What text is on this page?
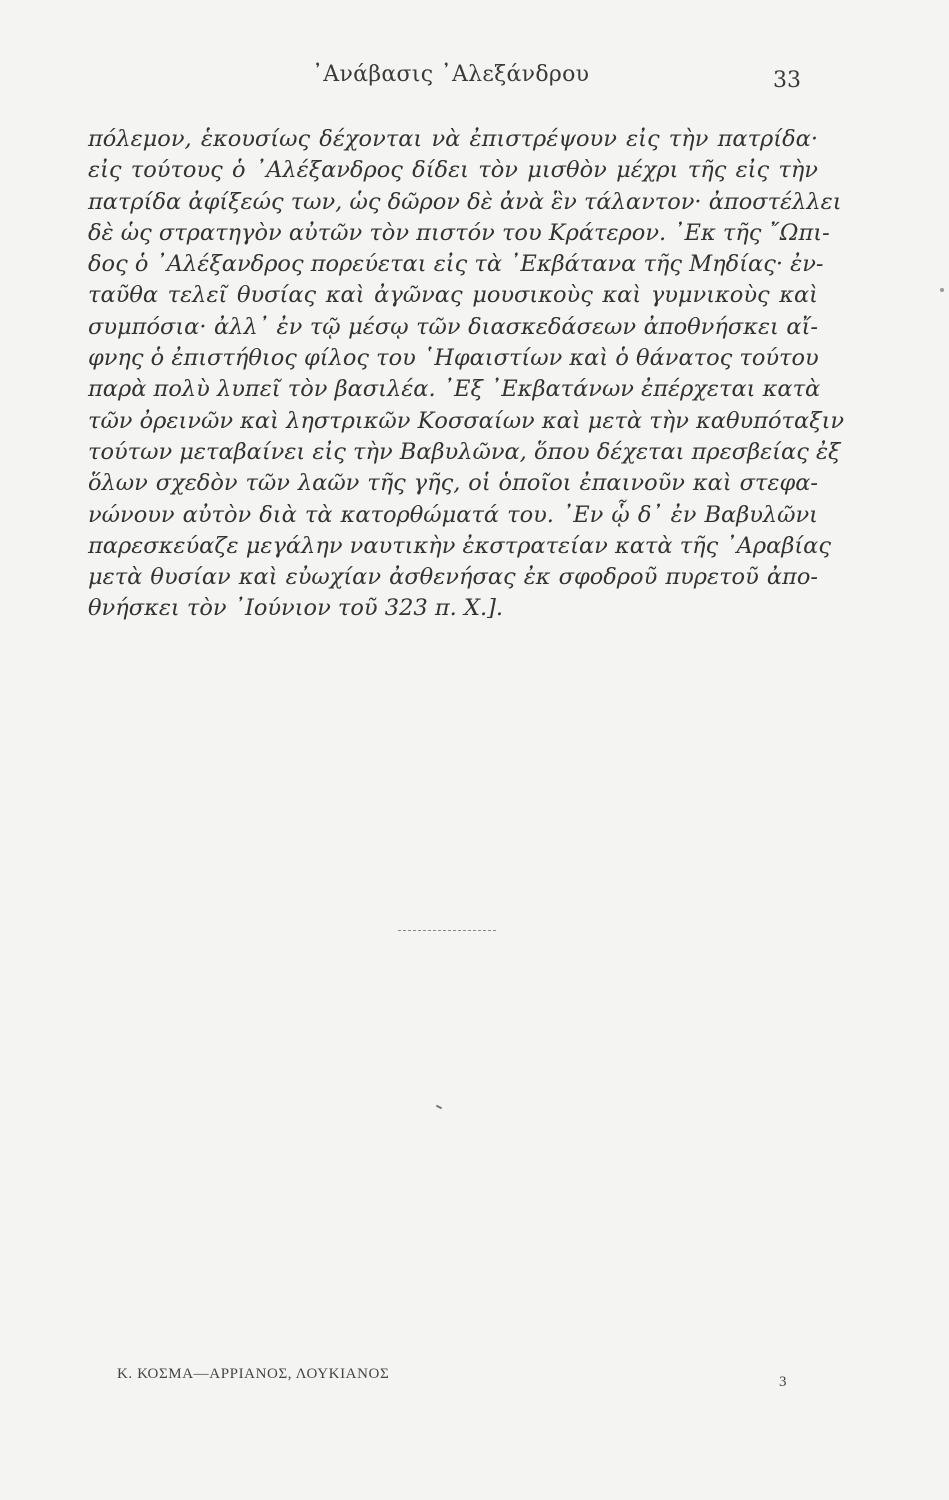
᾿Ανάβασις ᾿Αλεξάνδρου	33
πόλεμον, ἑκουσίως δέχονται νὰ ἐπιστρέψουν εἰς τὴν πατρίδα·
εἰς τούτους ὁ ᾿Αλέξανδρος δίδει τὸν μισθὸν μέχρι τῆς εἰς τὴν
πατρίδα ἀφίξεώς των, ὡς δῶρον δὲ ἀνὰ ἓν τάλαντον· ἀποστέλλει
δὲ ὡς στρατηγὸν αὐτῶν τὸν πιστόν του Κράτερον. ᾿Εκ τῆς ῎Ωπι-
δος ὁ ᾿Αλέξανδρος πορεύεται εἰς τὰ ᾿Εκβάτανα τῆς Μηδίας· ἐν-
ταῦθα τελεῖ θυσίας καὶ ἀγῶνας μουσικοὺς καὶ γυμνικοὺς καὶ
συμπόσια· ἀλλ᾿ ἐν τῷ μέσῳ τῶν διασκεδάσεων ἀποθνήσκει αἴ-
φνης ὁ ἐπιστήθιος φίλος του ῾Ηφαιστίων καὶ ὁ θάνατος τούτου
παρὰ πολὺ λυπεῖ τὸν βασιλέα. ᾿Εξ ᾿Εκβατάνων ἐπέρχεται κατὰ
τῶν ὀρεινῶν καὶ ληστρικῶν Κοσσαίων καὶ μετὰ τὴν καθυπόταξιν
τούτων μεταβαίνει εἰς τὴν Βαβυλῶνα, ὅπου δέχεται πρεσβείας ἐξ
ὅλων σχεδὸν τῶν λαῶν τῆς γῆς, οἱ ὁποῖοι ἐπαινοῦν καὶ στεφα-
νώνουν αὐτὸν διὰ τὰ κατορθώματά του. ᾿Εν ᾧ δ᾿ ἐν Βαβυλῶνι
παρεσκεύαζε μεγάλην ναυτικὴν ἐκστρατείαν κατὰ τῆς ᾿Αραβίας
μετὰ θυσίαν καὶ εὐωχίαν ἀσθενήσας ἐκ σφοδροῦ πυρετοῦ ἀπο-
θνήσκει τὸν ᾿Ιούνιον τοῦ 323 π. Χ.].
Κ. ΚΟΣΜΑ—ΑΡΡΙΑΝΟΣ, ΛΟΥΚΙΑΝΟΣ	3
